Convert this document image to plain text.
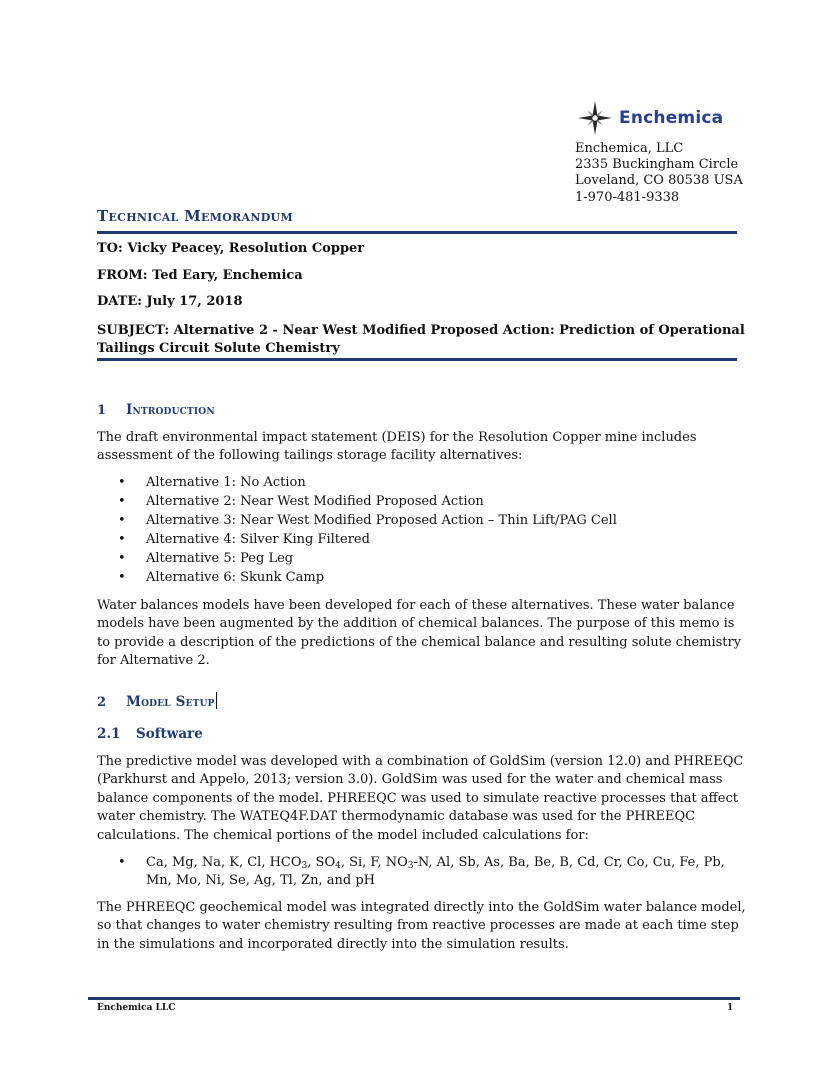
Enchemica
Enchemica, LLC
2335 Buckingham Circle
Loveland, CO 80538 USA
1-970-481-9338
Technical Memorandum
TO: Vicky Peacey, Resolution Copper
FROM: Ted Eary, Enchemica
DATE: July 17, 2018
SUBJECT: Alternative 2 - Near West Modified Proposed Action: Prediction of Operational Tailings Circuit Solute Chemistry
1 Introduction
The draft environmental impact statement (DEIS) for the Resolution Copper mine includes assessment of the following tailings storage facility alternatives:
• Alternative 1: No Action
• Alternative 2: Near West Modified Proposed Action
• Alternative 3: Near West Modified Proposed Action – Thin Lift/PAG Cell
• Alternative 4: Silver King Filtered
• Alternative 5: Peg Leg
• Alternative 6: Skunk Camp
Water balances models have been developed for each of these alternatives. These water balance models have been augmented by the addition of chemical balances. The purpose of this memo is to provide a description of the predictions of the chemical balance and resulting solute chemistry for Alternative 2.
2 Model Setup
2.1 Software
The predictive model was developed with a combination of GoldSim (version 12.0) and PHREEQC (Parkhurst and Appelo, 2013; version 3.0). GoldSim was used for the water and chemical mass balance components of the model. PHREEQC was used to simulate reactive processes that affect water chemistry. The WATEQ4F.DAT thermodynamic database was used for the PHREEQC calculations. The chemical portions of the model included calculations for:
• Ca, Mg, Na, K, Cl, $HCO_3$, $SO_4$, Si, F, $NO_3-N$, Al, Sb, As, Ba, Be, B, Cd, Cr, Co, Cu, Fe, Pb, Mn, Mo, Ni, Se, Ag, Tl, Zn, and pH
The PHREEQC geochemical model was integrated directly into the GoldSim water balance model, so that changes to water chemistry resulting from reactive processes are made at each time step in the simulations and incorporated directly into the simulation results.
Enchemica LLC	1
